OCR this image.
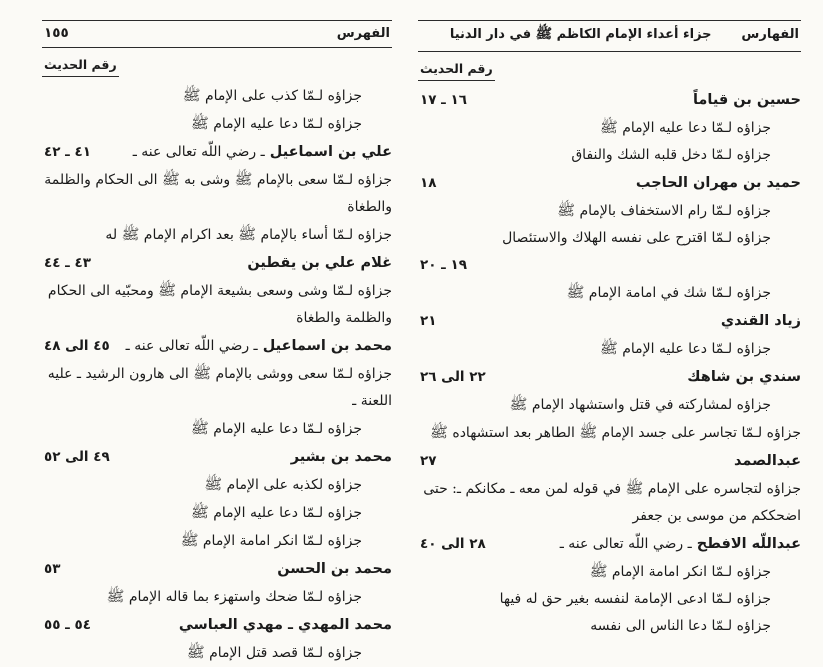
الفهرس
١٥٥
رقم الحديث
جزاؤه لـمّا كذب على الإمام ﷺ
جزاؤه لـمّا دعا عليه الإمام ﷺ
علي بن اسماعيل ـ رضي اللّه تعالى عنه ـ
٤١ ـ ٤٢
جزاؤه لـمّا سعى بالإمام ﷺ وشى به ﷺ الى الحكام والظلمة والطغاة
جزاؤه لـمّا أساء بالإمام ﷺ بعد اكرام الإمام ﷺ له
غلام علي بن يقطين
٤٣ ـ ٤٤
جزاؤه لـمّا وشى وسعى بشيعة الإمام ﷺ ومحبّيه الى الحكام والظلمة والطغاة
محمد بن اسماعيل ـ رضي اللّه تعالى عنه ـ
٤٥ الى ٤٨
جزاؤه لـمّا سعى ووشى بالإمام ﷺ الى هارون الرشيد ـ عليه اللعنة ـ
جزاؤه لـمّا دعا عليه الإمام ﷺ
محمد بن بشير
٤٩ الى ٥٢
جزاؤه لكذبه على الإمام ﷺ
جزاؤه لـمّا دعا عليه الإمام ﷺ
جزاؤه لـمّا انكر امامة الإمام ﷺ
محمد بن الحسن
٥٣
جزاؤه لـمّا ضحك واستهزء بما قاله الإمام ﷺ
محمد المهدي ـ مهدي العباسي
٥٤ ـ ٥٥
جزاؤه لـمّا قصد قتل الإمام ﷺ
الفهارس
جزاء أعداء الإمام الكاظم ﷺ في دار الدنيا
رقم الحديث
حسين بن قياماً
١٦ ـ ١٧
جزاؤه لـمّا دعا عليه الإمام ﷺ
جزاؤه لـمّا دخل قلبه الشك والنفاق
حميد بن مهران الحاجب
١٨
جزاؤه لـمّا رام الاستخفاف بالإمام ﷺ
جزاؤه لـمّا اقترح على نفسه الهلاك والاستئصال
١٩ ـ ٢٠
جزاؤه لـمّا شك في امامة الإمام ﷺ
زياد القندي
٢١
جزاؤه لـمّا دعا عليه الإمام ﷺ
سندي بن شاهك
٢٢ الى ٢٦
جزاؤه لمشاركته في قتل واستشهاد الإمام ﷺ
جزاؤه لـمّا تجاسر على جسد الإمام ﷺ الطاهر بعد استشهاده ﷺ
عبدالصمد
٢٧
جزاؤه لتجاسره على الإمام ﷺ في قوله لمن معه ـ مكانكم ـ: حتى اضحككم من موسى بن جعفر
عبداللّه الافطح ـ رضي اللّه تعالى عنه ـ
٢٨ الى ٤٠
جزاؤه لـمّا انكر امامة الإمام ﷺ
جزاؤه لـمّا ادعى الإمامة لنفسه بغير حق له فيها
جزاؤه لـمّا دعا الناس الى نفسه
